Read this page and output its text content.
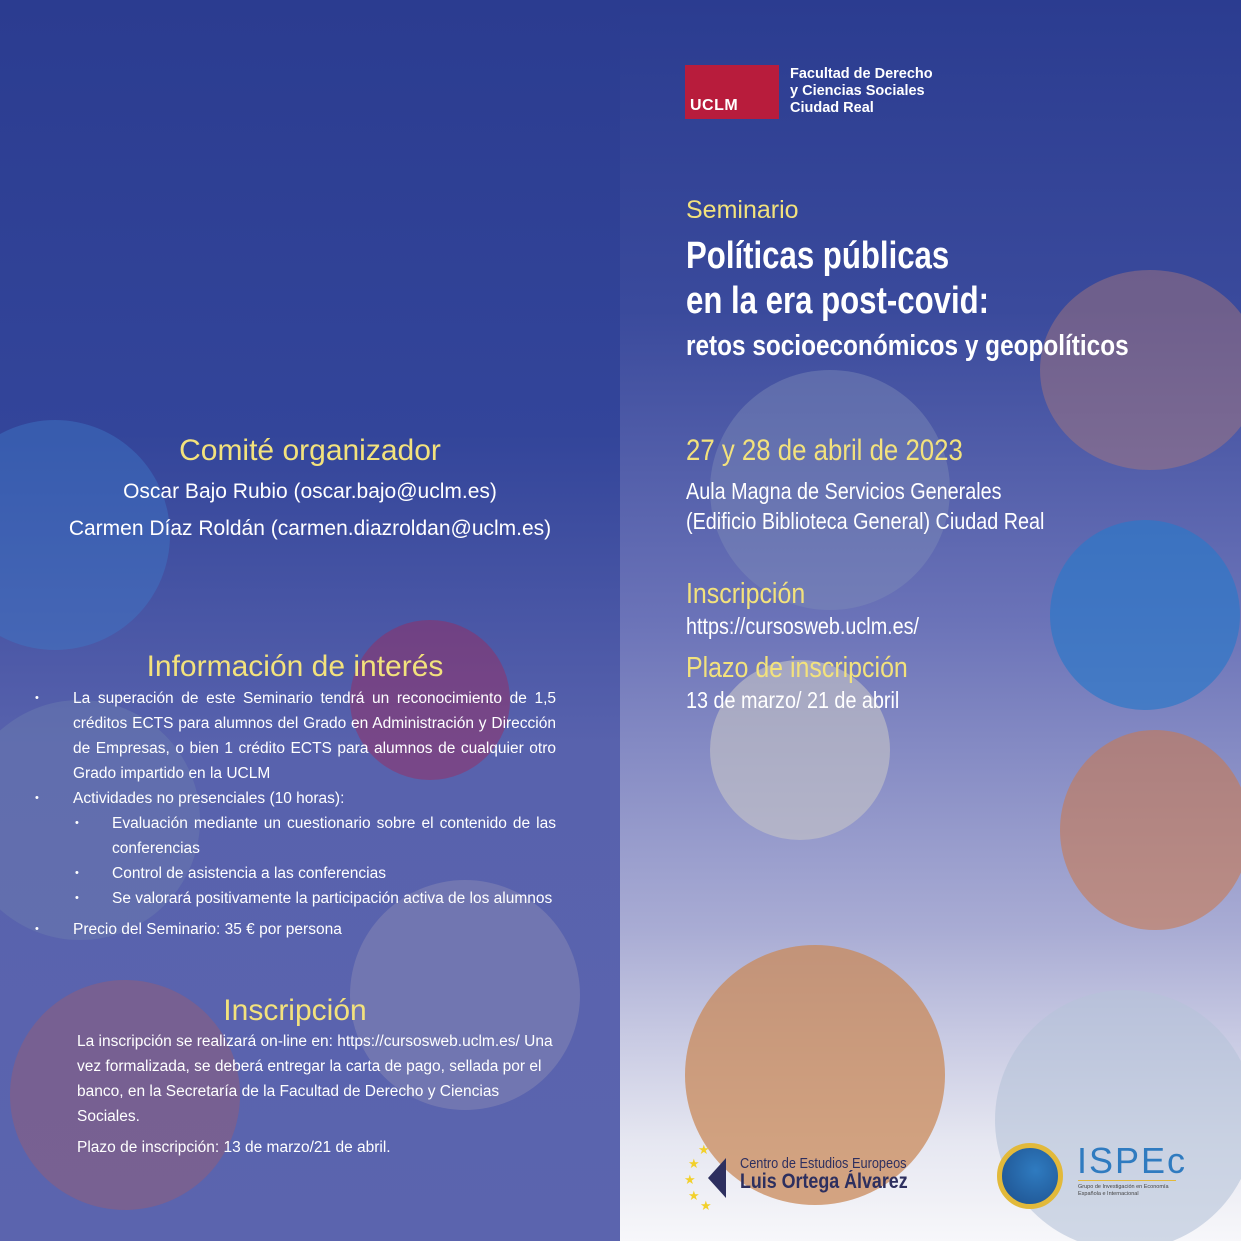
Comité organizador
Oscar Bajo Rubio (oscar.bajo@uclm.es)
Carmen Díaz Roldán (carmen.diazroldan@uclm.es)
Información de interés
• La superación de este Seminario tendrá un reconocimiento de 1,5 créditos ECTS para alumnos del Grado en Administración y Dirección de Empresas, o bien 1 crédito ECTS para alumnos de cualquier otro Grado impartido en la UCLM
• Actividades no presenciales (10 horas):
• Evaluación mediante un cuestionario sobre el contenido de las conferencias
• Control de asistencia a las conferencias
• Se valorará positivamente la participación activa de los alumnos
• Precio del Seminario: 35 € por persona
Inscripción
La inscripción se realizará on-line en: https://cursosweb.uclm.es/ Una vez formalizada, se deberá entregar la carta de pago, sellada por el banco, en la Secretaría de la Facultad de Derecho y Ciencias Sociales.
Plazo de inscripción: 13 de marzo/21 de abril.
UCLM
Facultad de Derecho
y Ciencias Sociales
Ciudad Real
Seminario
Políticas públicas
en la era post-covid:
retos socioeconómicos y geopolíticos
27 y 28 de abril de 2023
Aula Magna de Servicios Generales
(Edificio Biblioteca General) Ciudad Real
Inscripción
https://cursosweb.uclm.es/
Plazo de inscripción
13 de marzo/ 21 de abril
★
★
★
★
★
Centro de Estudios Europeos
Luis Ortega Álvarez
ISPEc
Grupo de Investigación en Economía
Española e Internacional
